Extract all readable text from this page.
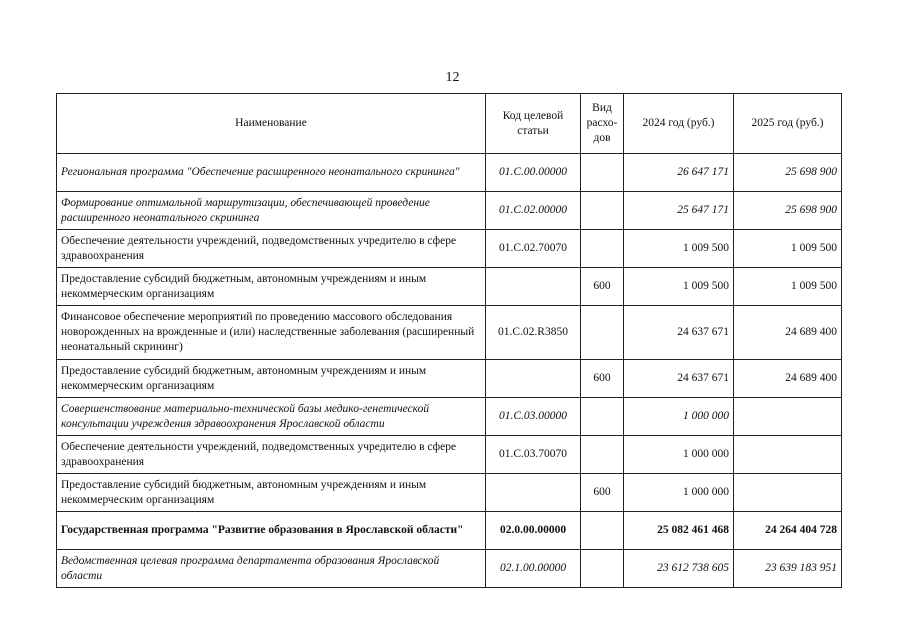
12
Наименование	Код целевой статьи	Вид расхо-дов	2024 год (руб.)	2025 год (руб.)
Региональная программа "Обеспечение расширенного неонатального скрининга"	01.С.00.00000		26 647 171	25 698 900
Формирование оптимальной маршрутизации, обеспечивающей проведение расширенного неонатального скрининга	01.С.02.00000		25 647 171	25 698 900
Обеспечение деятельности учреждений, подведомственных учредителю в сфере здравоохранения	01.С.02.70070		1 009 500	1 009 500
Предоставление субсидий бюджетным, автономным учреждениям и иным некоммерческим организациям		600	1 009 500	1 009 500
Финансовое обеспечение мероприятий по проведению массового обследования новорожденных на врожденные и (или) наследственные заболевания (расширенный неонатальный скрининг)	01.С.02.R3850		24 637 671	24 689 400
Предоставление субсидий бюджетным, автономным учреждениям и иным некоммерческим организациям		600	24 637 671	24 689 400
Совершенствование материально-технической базы медико-генетической консультации учреждения здравоохранения Ярославской области	01.С.03.00000		1 000 000	
Обеспечение деятельности учреждений, подведомственных учредителю в сфере здравоохранения	01.С.03.70070		1 000 000	
Предоставление субсидий бюджетным, автономным учреждениям и иным некоммерческим организациям		600	1 000 000	
Государственная программа "Развитие образования в Ярославской области"	02.0.00.00000		25 082 461 468	24 264 404 728
Ведомственная целевая программа департамента образования Ярославской области	02.1.00.00000		23 612 738 605	23 639 183 951
